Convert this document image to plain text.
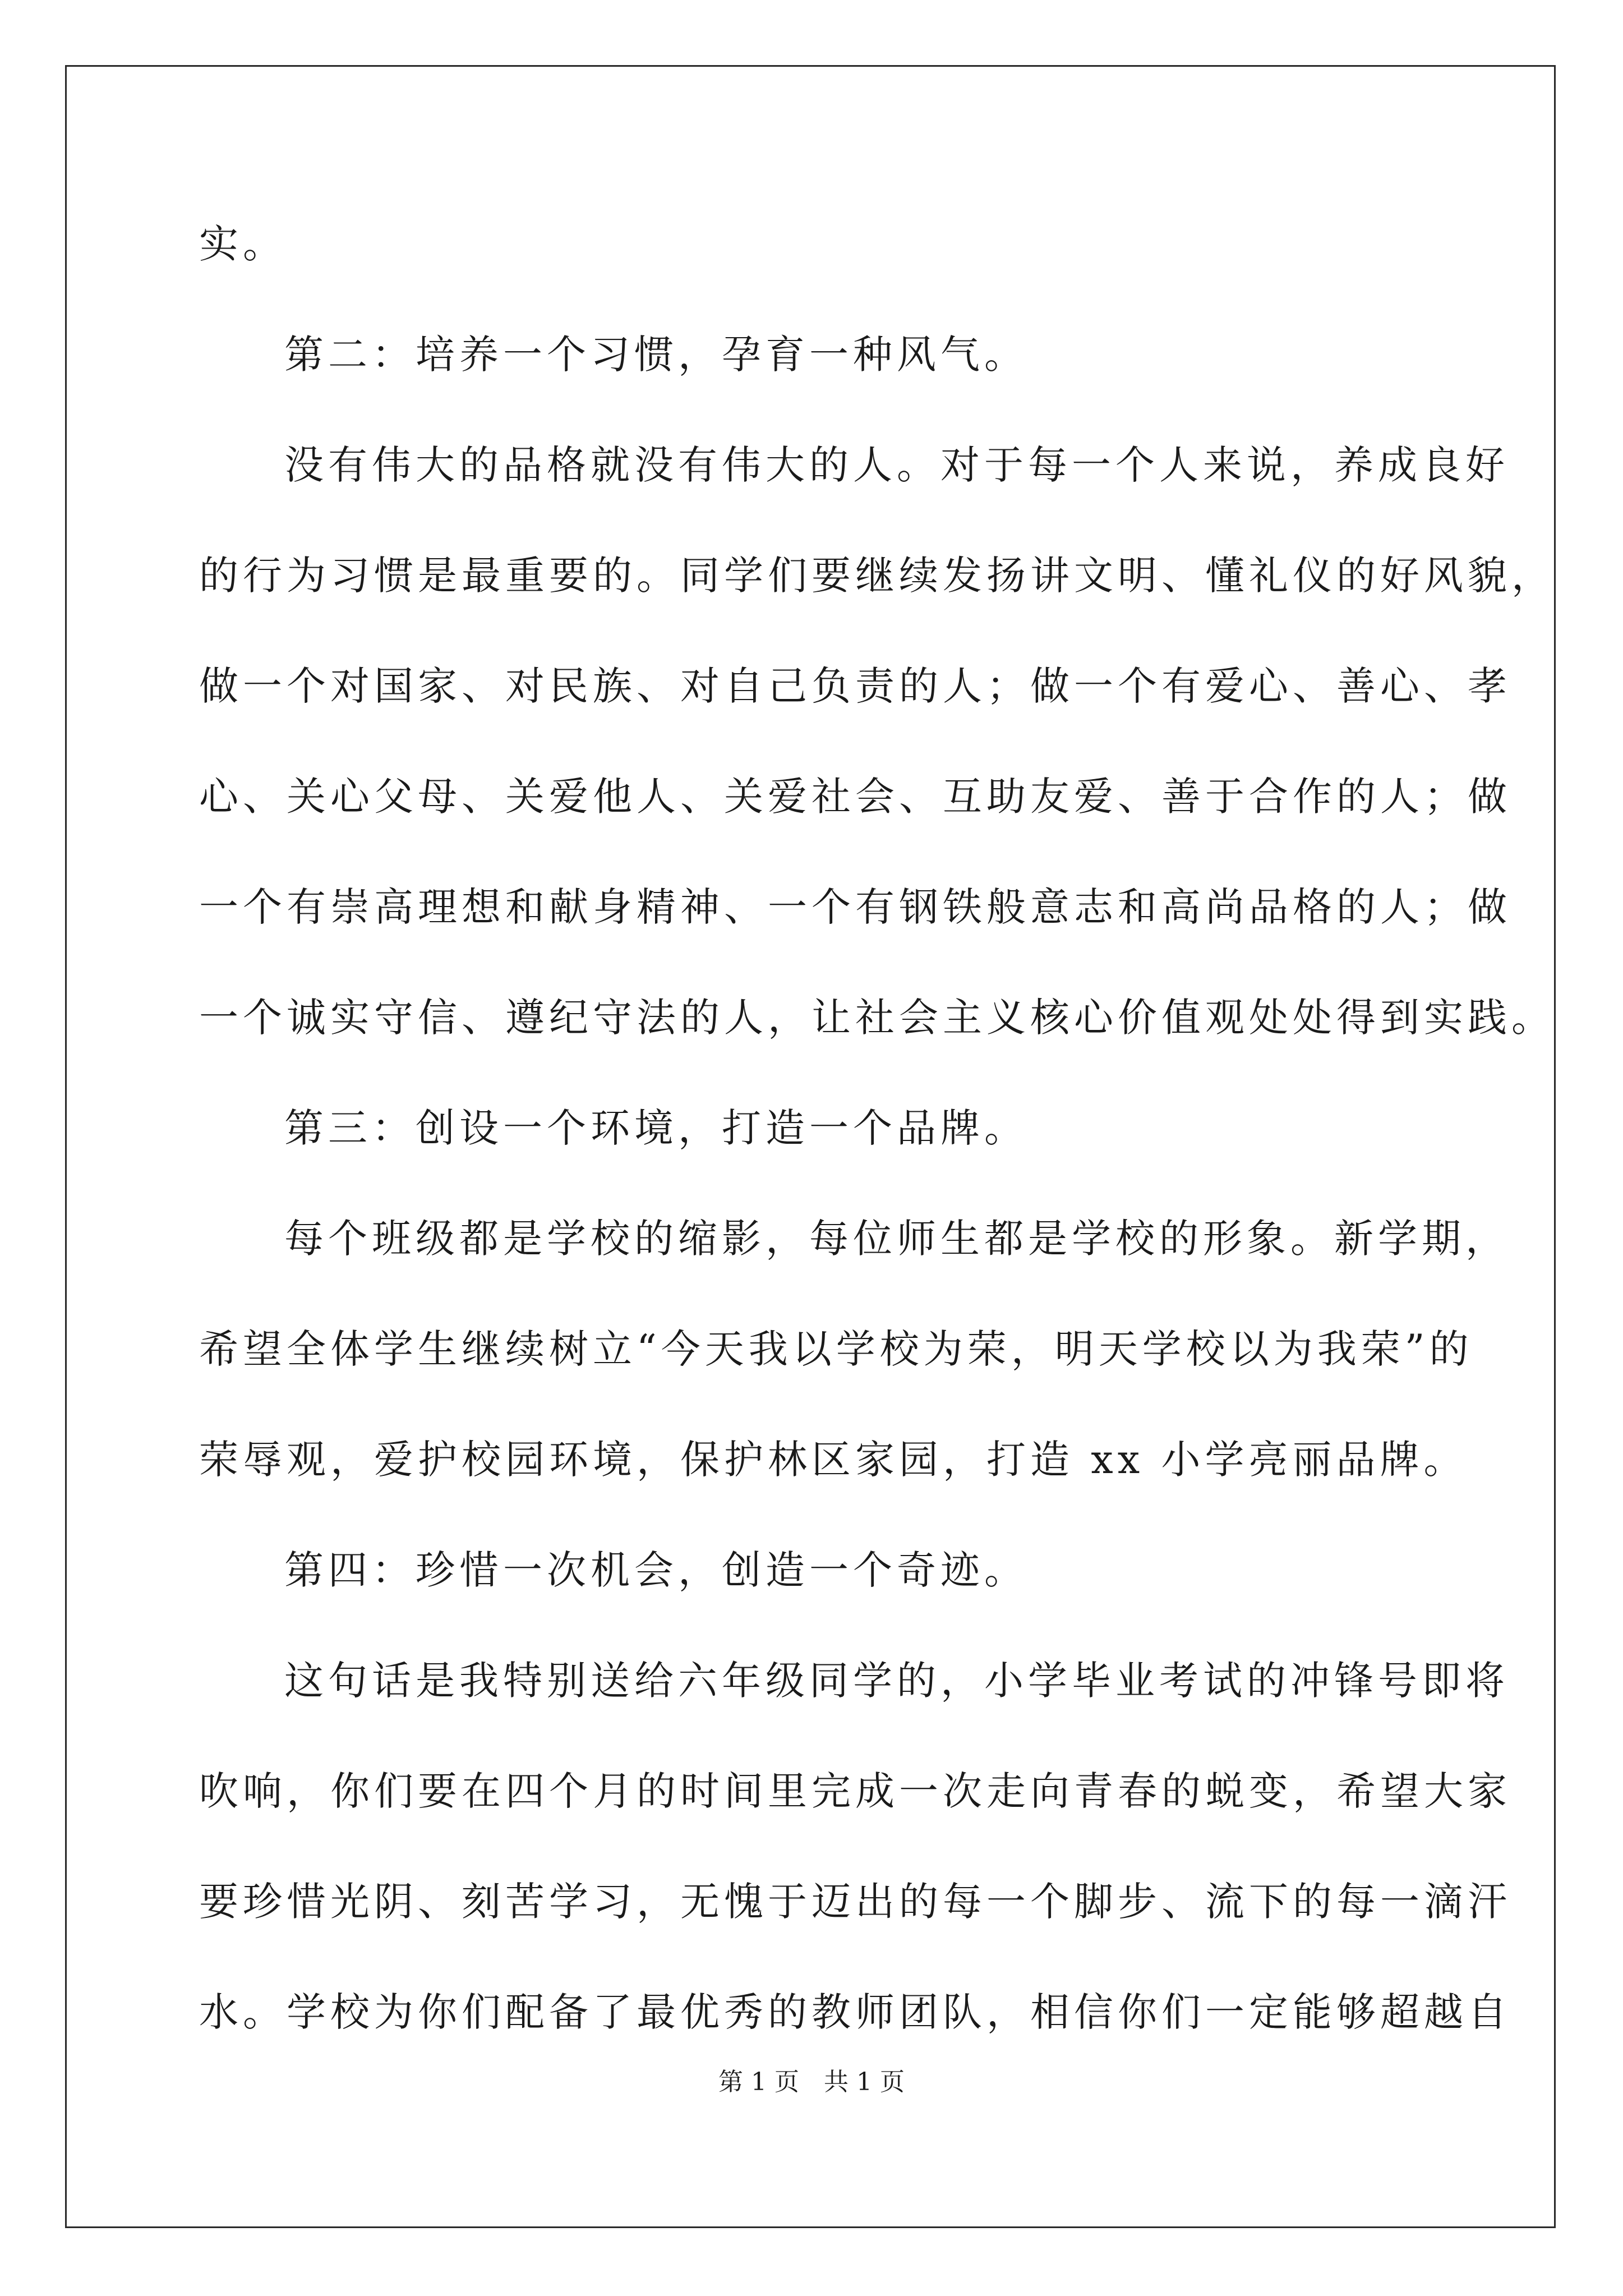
实。
第二：培养一个习惯，孕育一种风气。
没有伟大的品格就没有伟大的人。对于每一个人来说，养成良好
的行为习惯是最重要的。同学们要继续发扬讲文明、懂礼仪的好风貌，
做一个对国家、对民族、对自己负责的人；做一个有爱心、善心、孝
心、关心父母、关爱他人、关爱社会、互助友爱、善于合作的人；做
一个有崇高理想和献身精神、一个有钢铁般意志和高尚品格的人；做
一个诚实守信、遵纪守法的人，让社会主义核心价值观处处得到实践。
第三：创设一个环境，打造一个品牌。
每个班级都是学校的缩影，每位师生都是学校的形象。新学期，
希望全体学生继续树立“今天我以学校为荣，明天学校以为我荣”的
荣辱观，爱护校园环境，保护林区家园，打造 xx 小学亮丽品牌。
第四：珍惜一次机会，创造一个奇迹。
这句话是我特别送给六年级同学的，小学毕业考试的冲锋号即将
吹响，你们要在四个月的时间里完成一次走向青春的蜕变，希望大家
要珍惜光阴、刻苦学习，无愧于迈出的每一个脚步、流下的每一滴汗
水。学校为你们配备了最优秀的教师团队，相信你们一定能够超越自
第 1 页　共 1 页
